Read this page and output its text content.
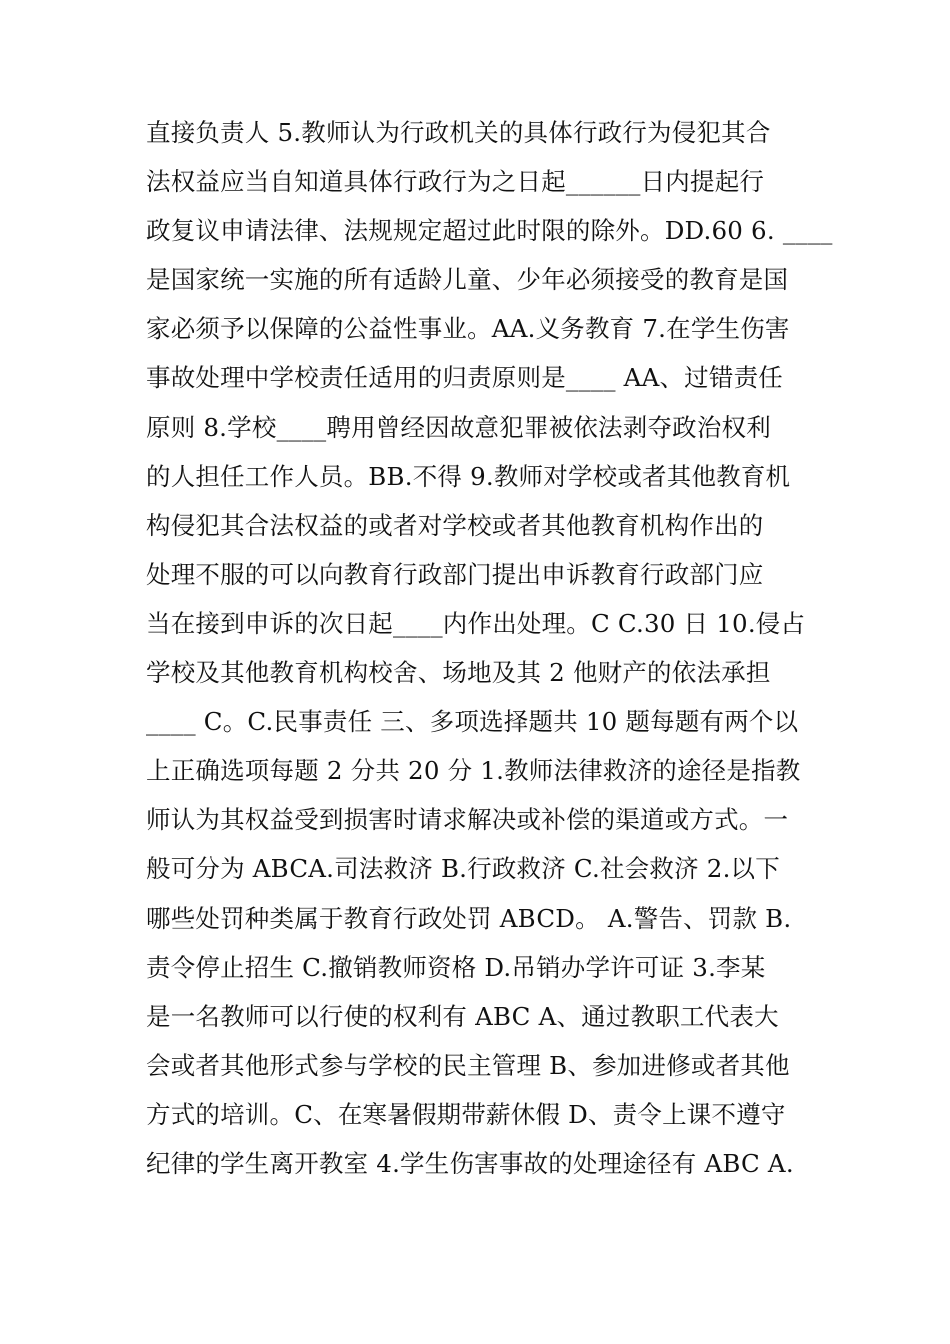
直接负责人 5.教师认为行政机关的具体行政行为侵犯其合
法权益应当自知道具体行政行为之日起______日内提起行
政复议申请法律、法规规定超过此时限的除外。DD.60 6. ____
是国家统一实施的所有适龄儿童、少年必须接受的教育是国
家必须予以保障的公益性事业。AA.义务教育 7.在学生伤害
事故处理中学校责任适用的归责原则是____ AA、过错责任
原则 8.学校____聘用曾经因故意犯罪被依法剥夺政治权利
的人担任工作人员。BB.不得 9.教师对学校或者其他教育机
构侵犯其合法权益的或者对学校或者其他教育机构作出的
处理不服的可以向教育行政部门提出申诉教育行政部门应
当在接到申诉的次日起____内作出处理。C C.30 日 10.侵占
学校及其他教育机构校舍、场地及其 2 他财产的依法承担
____ C。C.民事责任 三、多项选择题共 10 题每题有两个以
上正确选项每题 2 分共 20 分 1.教师法律救济的途径是指教
师认为其权益受到损害时请求解决或补偿的渠道或方式。一
般可分为 ABCA.司法救济 B.行政救济 C.社会救济 2.以下
哪些处罚种类属于教育行政处罚 ABCD。 A.警告、罚款 B.
责令停止招生 C.撤销教师资格 D.吊销办学许可证 3.李某
是一名教师可以行使的权利有 ABC A、通过教职工代表大
会或者其他形式参与学校的民主管理 B、参加进修或者其他
方式的培训。C、在寒暑假期带薪休假 D、责令上课不遵守
纪律的学生离开教室 4.学生伤害事故的处理途径有 ABC A.
